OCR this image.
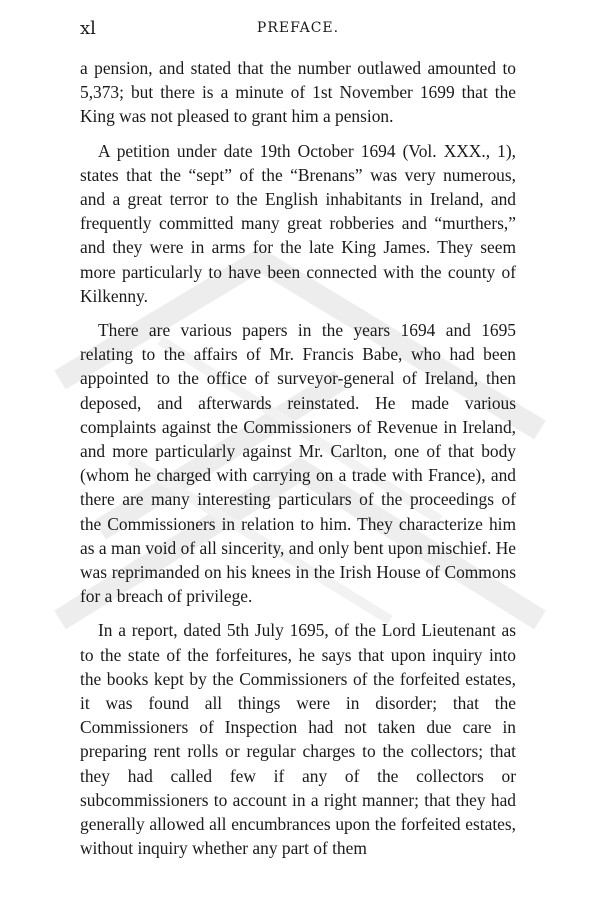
xl	PREFACE.

a pension, and stated that the number outlawed amounted to 5,373; but there is a minute of 1st November 1699 that the King was not pleased to grant him a pension.

A petition under date 19th October 1694 (Vol. XXX., 1), states that the “sept” of the “Brenans” was very numerous, and a great terror to the English inhabitants in Ireland, and frequently committed many great robberies and “murthers,” and they were in arms for the late King James. They seem more particularly to have been connected with the county of Kilkenny.

There are various papers in the years 1694 and 1695 relating to the affairs of Mr. Francis Babe, who had been appointed to the office of surveyor-general of Ireland, then deposed, and afterwards reinstated. He made various complaints against the Commissioners of Revenue in Ireland, and more particularly against Mr. Carlton, one of that body (whom he charged with carrying on a trade with France), and there are many interesting particulars of the proceedings of the Commissioners in relation to him. They characterize him as a man void of all sincerity, and only bent upon mischief. He was reprimanded on his knees in the Irish House of Commons for a breach of privilege.

In a report, dated 5th July 1695, of the Lord Lieutenant as to the state of the forfeitures, he says that upon inquiry into the books kept by the Commissioners of the forfeited estates, it was found all things were in disorder; that the Commissioners of Inspection had not taken due care in preparing rent rolls or regular charges to the collectors; that they had called few if any of the collectors or subcommissioners to account in a right manner; that they had generally allowed all encumbrances upon the forfeited estates, without inquiry whether any part of them
